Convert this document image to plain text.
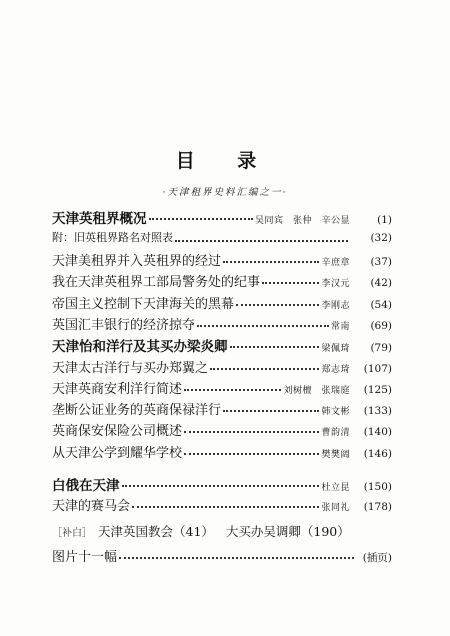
目 录
·天津租界史料汇编之一·
天津英租界概况	吴同宾　张仲　辛公显	(1)
附：旧英租界路名对照表	(32)
天津美租界并入英租界的经过	辛庶章	(37)
我在天津英租界工部局警务处的纪事	李汉元	(42)
帝国主义控制下天津海关的黑幕	李刚志	(54)
英国汇丰银行的经济掠夺	常南	(69)
天津怡和洋行及其买办梁炎卿	梁佩琦	(79)
天津太古洋行与买办郑翼之	郑志琦	(107)
天津英商安利洋行简述	刘树檀　张瑞庭	(125)
垄断公证业务的英商保禄洋行	韩文彬	(133)
英商保安保险公司概述	曹韵清	(140)
从天津公学到耀华学校	樊樊阔	(146)
白俄在天津	杜立昆	(150)
天津的赛马会	张同礼	(178)
［补白］ 天津英国教会（41） 大买办吴调卿（190）
图片十一幅	(插页)
